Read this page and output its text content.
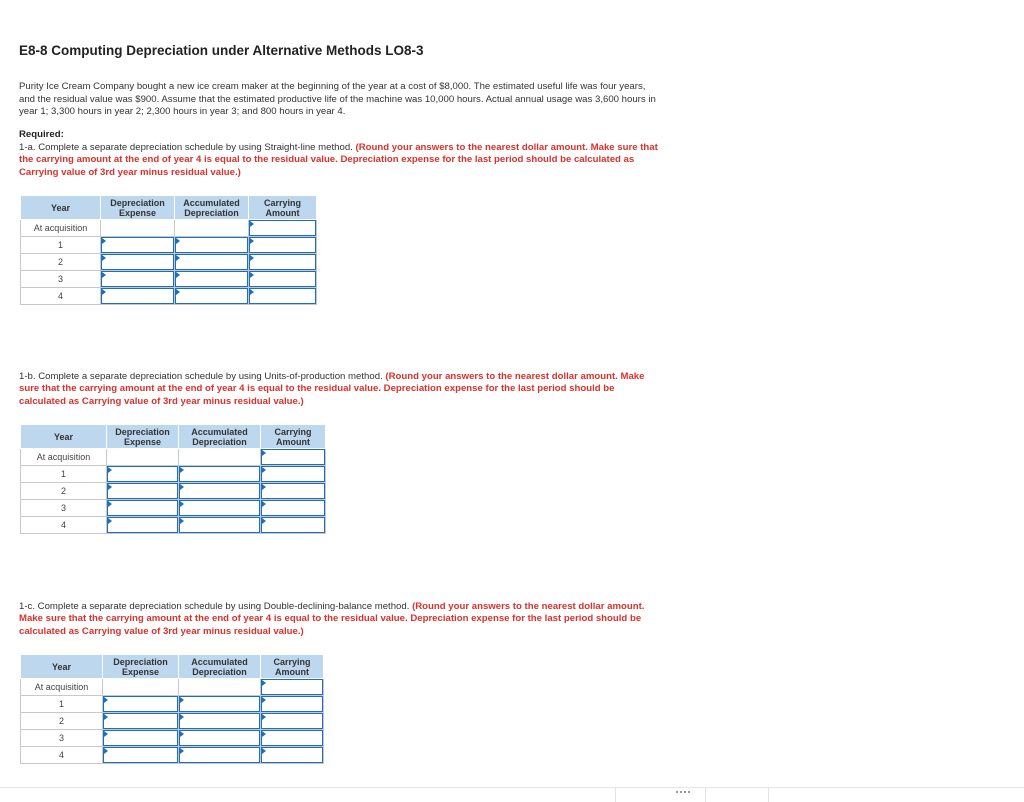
E8-8 Computing Depreciation under Alternative Methods LO8-3
Purity Ice Cream Company bought a new ice cream maker at the beginning of the year at a cost of $8,000. The estimated useful life was four years, and the residual value was $900. Assume that the estimated productive life of the machine was 10,000 hours. Actual annual usage was 3,600 hours in year 1; 3,300 hours in year 2; 2,300 hours in year 3; and 800 hours in year 4.
Required:
1-a. Complete a separate depreciation schedule by using Straight-line method. (Round your answers to the nearest dollar amount. Make sure that the carrying amount at the end of year 4 is equal to the residual value. Depreciation expense for the last period should be calculated as Carrying value of 3rd year minus residual value.)
Year	Depreciation Expense	Accumulated Depreciation	Carrying Amount
At acquisition			

1	

2	

3	

4	

1-b. Complete a separate depreciation schedule by using Units-of-production method. (Round your answers to the nearest dollar amount. Make sure that the carrying amount at the end of year 4 is equal to the residual value. Depreciation expense for the last period should be calculated as Carrying value of 3rd year minus residual value.)
Year	Depreciation Expense	Accumulated Depreciation	Carrying Amount
At acquisition			

1	

2	

3	

4	

1-c. Complete a separate depreciation schedule by using Double-declining-balance method. (Round your answers to the nearest dollar amount. Make sure that the carrying amount at the end of year 4 is equal to the residual value. Depreciation expense for the last period should be calculated as Carrying value of 3rd year minus residual value.)
Year	Depreciation Expense	Accumulated Depreciation	Carrying Amount
At acquisition			

1	

2	

3	

4	
